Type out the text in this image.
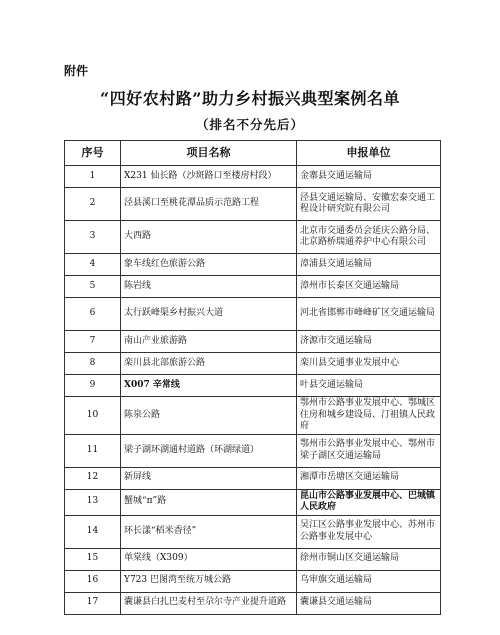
附件
“四好农村路”助力乡村振兴典型案例名单
（排名不分先后）
序号	项目名称	申报单位
1	X231 仙长路（沙斑路口至楼房村段）	金寨县交通运输局
2	泾县溪口至桃花潭品质示范路工程	泾县交通运输局、安徽宏泰交通工程设计研究院有限公司
3	大西路	北京市交通委员会延庆公路分局、北京路桥瑞通养护中心有限公司
4	象车线红色旅游公路	漳浦县交通运输局
5	陈岩线	漳州市长泰区交通运输局
6	太行跃峰渠乡村振兴大道	河北省邯郸市峰峰矿区交通运输局
7	南山产业旅游路	济源市交通运输局
8	栾川县北部旅游公路	栾川县交通事业发展中心
9	X007 辛常线	叶县交通运输局
10	陈泉公路	鄂州市公路事业发展中心、鄂城区住房和城乡建设局、汀祖镇人民政府
11	梁子湖环湖通村道路（环湖绿道）	鄂州市公路事业发展中心、鄂州市梁子湖区交通运输局
12	新屏线	湘潭市岳塘区交通运输局
13	蟹城“π”路	昆山市公路事业发展中心、巴城镇人民政府
14	环长漾“稻米香径”	吴江区公路事业发展中心、苏州市公路事业发展中心
15	单棠线（X309）	徐州市铜山区交通运输局
16	Y723 巴图湾至统万城公路	乌审旗交通运输局
17	囊谦县白扎巴麦村至尕尔寺产业提升道路	囊谦县交通运输局
